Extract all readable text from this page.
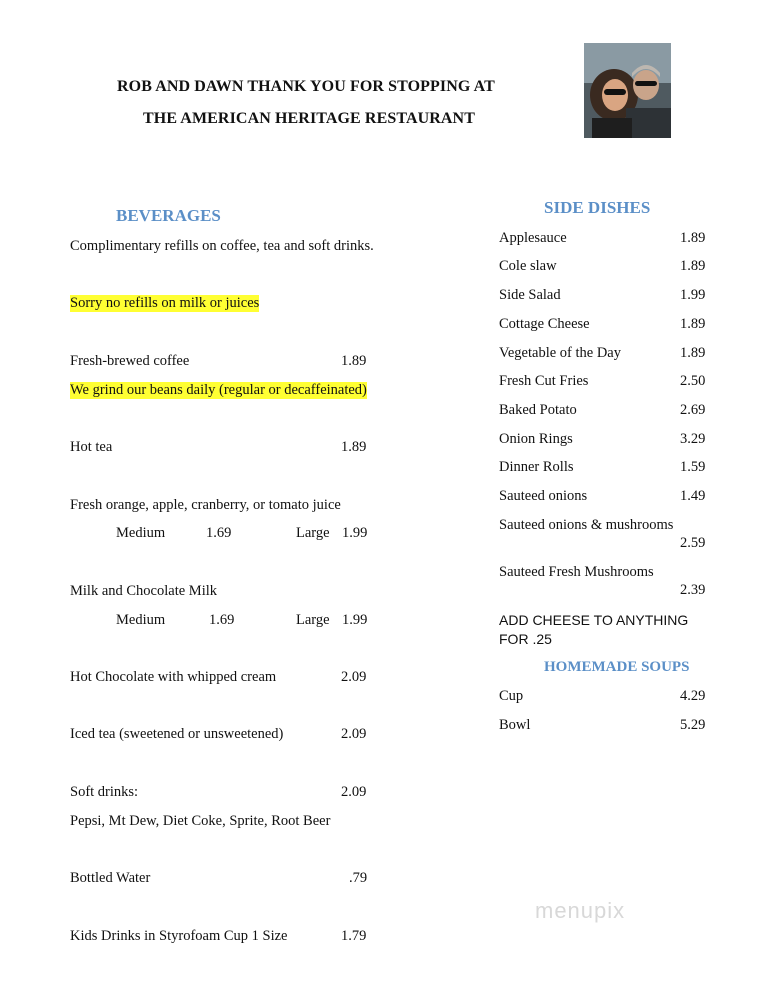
ROB AND DAWN THANK YOU FOR STOPPING AT
THE AMERICAN HERITAGE RESTAURANT
BEVERAGES
Complimentary refills on coffee, tea and soft drinks.
Sorry no refills on milk or juices
Fresh-brewed coffee	1.89
We grind our beans daily (regular or decaffeinated)
Hot tea	1.89
Fresh orange, apple, cranberry, or tomato juice
Medium	1.69	Large 1.99
Milk and Chocolate Milk
Medium	1.69	Large 1.99
Hot Chocolate with whipped cream	2.09
Iced tea (sweetened or unsweetened)	2.09
Soft drinks:	2.09
Pepsi, Mt Dew, Diet Coke, Sprite, Root Beer
Bottled Water	.79
Kids Drinks in Styrofoam Cup 1 Size	1.79
SIDE DISHES
Applesauce	1.89
Cole slaw	1.89
Side Salad	1.99
Cottage Cheese	1.89
Vegetable of the Day	1.89
Fresh Cut Fries	2.50
Baked Potato	2.69
Onion Rings	3.29
Dinner Rolls	1.59
Sauteed onions	1.49
Sauteed onions & mushrooms
2.59
Sauteed Fresh Mushrooms
2.39
ADD CHEESE TO ANYTHING
FOR .25
HOMEMADE SOUPS
Cup	4.29
Bowl	5.29
menupix
